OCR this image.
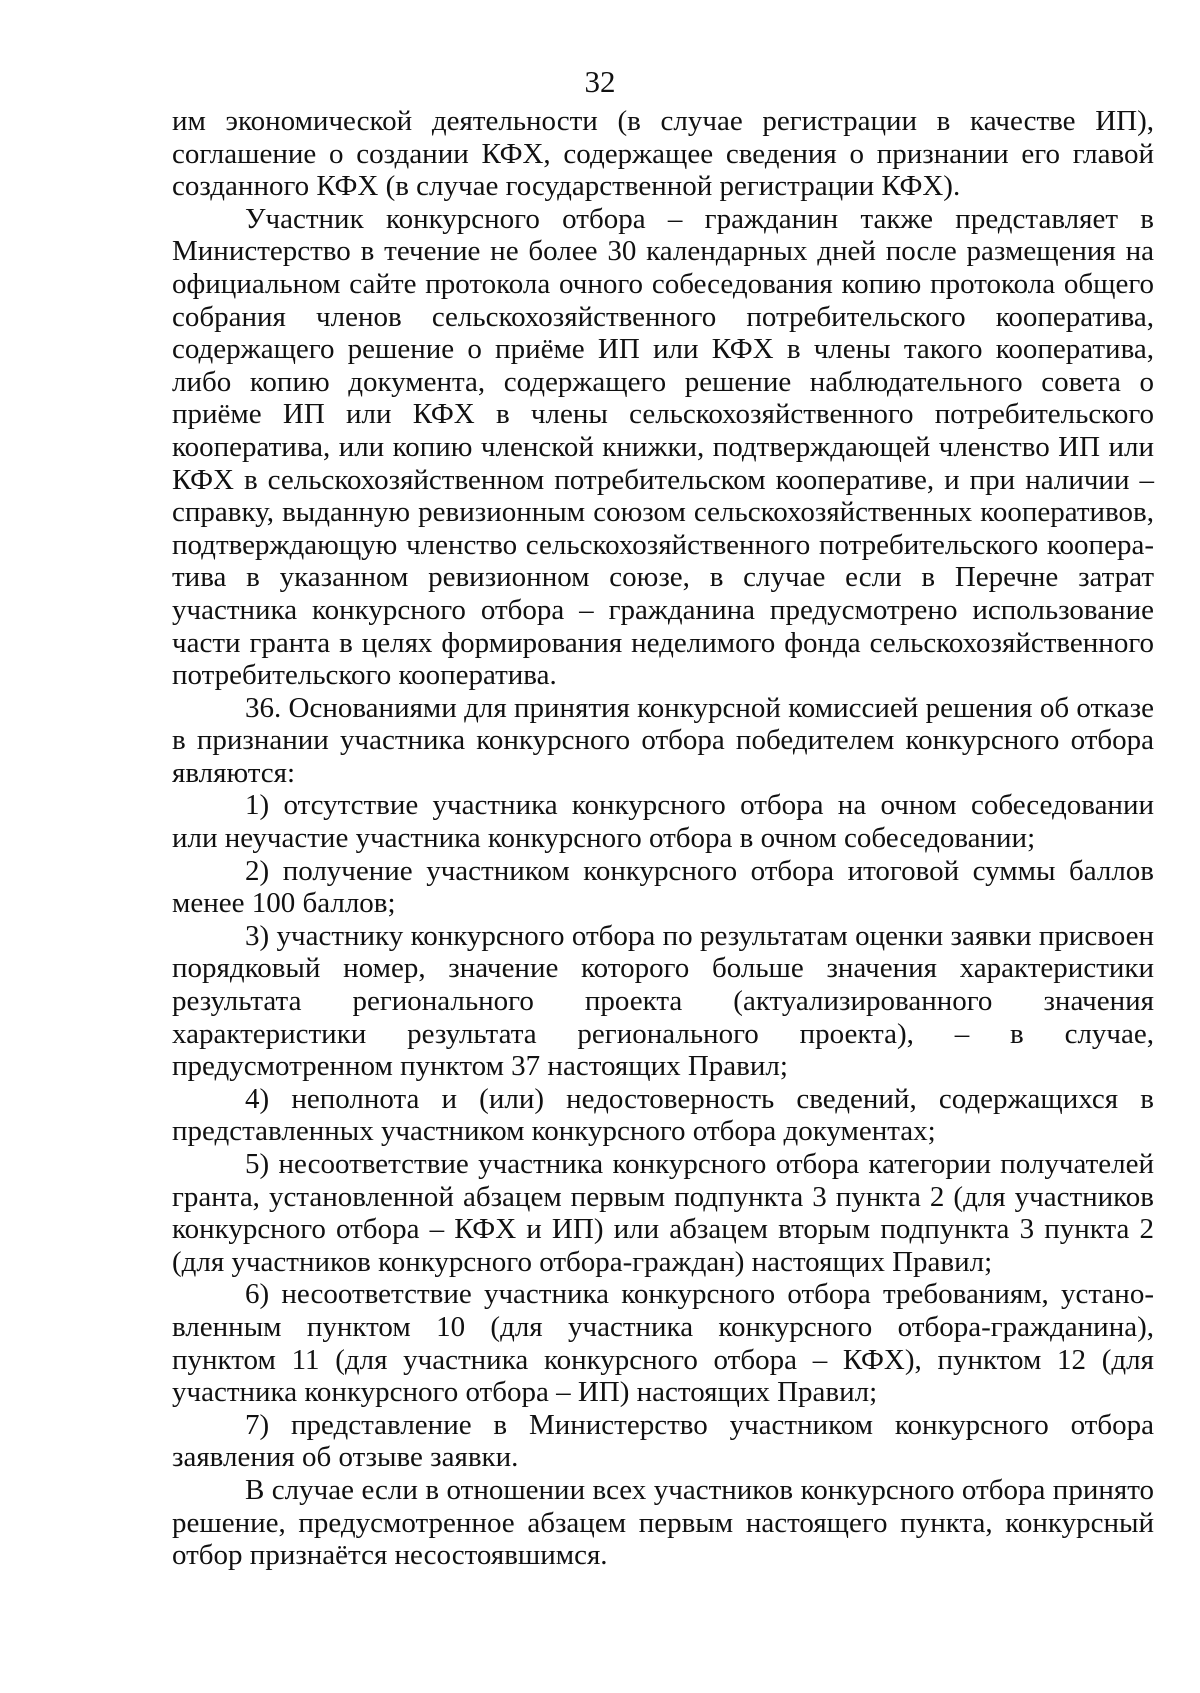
32

им экономической деятельности (в случае регистрации в качестве ИП), соглашение о создании КФХ, содержащее сведения о признании его главой созданного КФХ (в случае государственной регистрации КФХ).

Участник конкурсного отбора – гражданин также представляет в Министерство в течение не более 30 календарных дней после размещения на официальном сайте протокола очного собеседования копию протокола общего собрания членов сельскохозяйственного потребительского кооператива, содержащего решение о приёме ИП или КФХ в члены такого кооператива, либо копию документа, содержащего решение наблюдательного совета о приёме ИП или КФХ в члены сельскохозяйственного потребительского кооператива, или копию членской книжки, подтверждающей членство ИП или КФХ в сельскохозяйственном потребительском кооперативе, и при наличии – справку, выданную ревизионным союзом сельскохозяйственных кооперативов, подтверждающую членство сельскохозяйственного потребительского кооператива в указанном ревизионном союзе, в случае если в Перечне затрат участника конкурсного отбора – гражданина предусмотрено использование части гранта в целях формирования неделимого фонда сельскохозяйственного потребительского кооператива.

36. Основаниями для принятия конкурсной комиссией решения об отказе в признании участника конкурсного отбора победителем конкурсного отбора являются:

1) отсутствие участника конкурсного отбора на очном собеседовании или неучастие участника конкурсного отбора в очном собеседовании;

2) получение участником конкурсного отбора итоговой суммы баллов менее 100 баллов;

3) участнику конкурсного отбора по результатам оценки заявки присвоен порядковый номер, значение которого больше значения характеристики результата регионального проекта (актуализированного значения характеристики результата регионального проекта), – в случае, предусмотренном пунктом 37 настоящих Правил;

4) неполнота и (или) недостоверность сведений, содержащихся в представленных участником конкурсного отбора документах;

5) несоответствие участника конкурсного отбора категории получателей гранта, установленной абзацем первым подпункта 3 пункта 2 (для участников конкурсного отбора – КФХ и ИП) или абзацем вторым подпункта 3 пункта 2 (для участников конкурсного отбора-граждан) настоящих Правил;

6) несоответствие участника конкурсного отбора требованиям, установленным пунктом 10 (для участника конкурсного отбора-гражданина), пунктом 11 (для участника конкурсного отбора – КФХ), пунктом 12 (для участника конкурсного отбора – ИП) настоящих Правил;

7) представление в Министерство участником конкурсного отбора заявления об отзыве заявки.

В случае если в отношении всех участников конкурсного отбора принято решение, предусмотренное абзацем первым настоящего пункта, конкурсный отбор признаётся несостоявшимся.
